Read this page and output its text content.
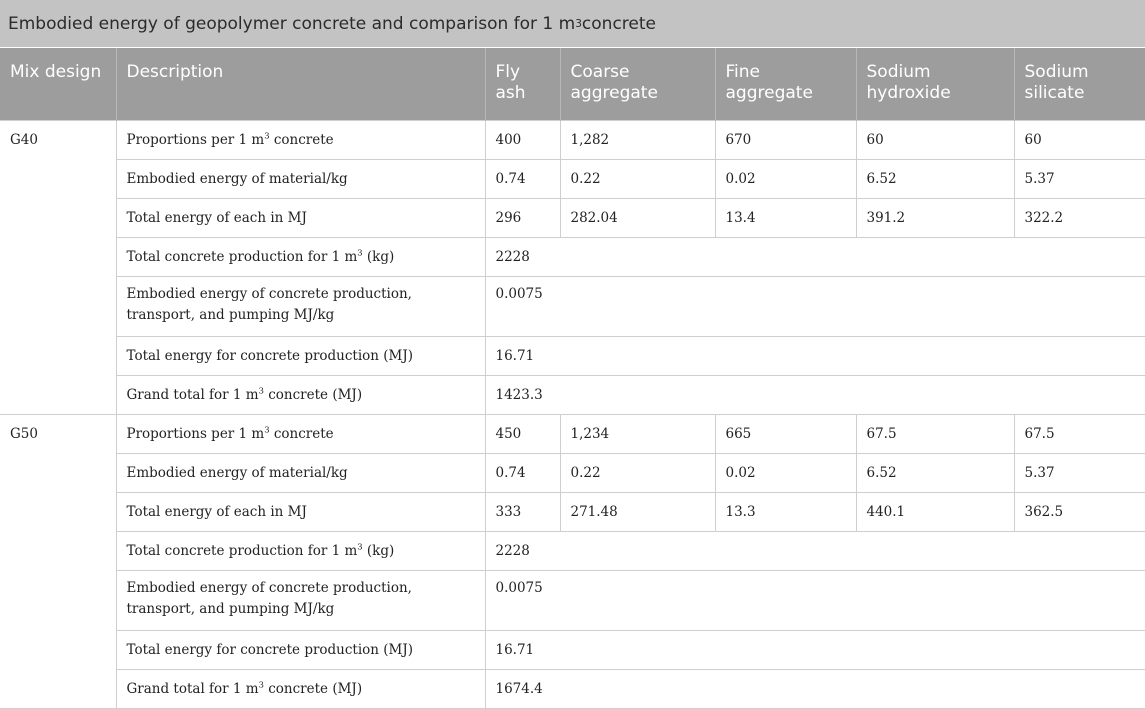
Embodied energy of geopolymer concrete and comparison for 1 m 3 concrete
Mix design	Description	Fly ash	Coarse aggregate	Fine aggregate	Sodium hydroxide	Sodium silicate
G40	Proportions per 1 $m^3$ concrete	400	1,282	670	60	60
	Embodied energy of material/kg	0.74	0.22	0.02	6.52	5.37
	Total energy of each in MJ	296	282.04	13.4	391.2	322.2
	Total concrete production for 1 $m^3$ (kg)	2228				
	Embodied energy of concrete production, transport, and pumping MJ/kg	0.0075				
	Total energy for concrete production (MJ)	16.71				
	Grand total for 1 $m^3$ concrete (MJ)	1423.3				
G50	Proportions per 1 $m^3$ concrete	450	1,234	665	67.5	67.5
	Embodied energy of material/kg	0.74	0.22	0.02	6.52	5.37
	Total energy of each in MJ	333	271.48	13.3	440.1	362.5
	Total concrete production for 1 $m^3$ (kg)	2228				
	Embodied energy of concrete production, transport, and pumping MJ/kg	0.0075				
	Total energy for concrete production (MJ)	16.71				
	Grand total for 1 $m^3$ concrete (MJ)	1674.4				
